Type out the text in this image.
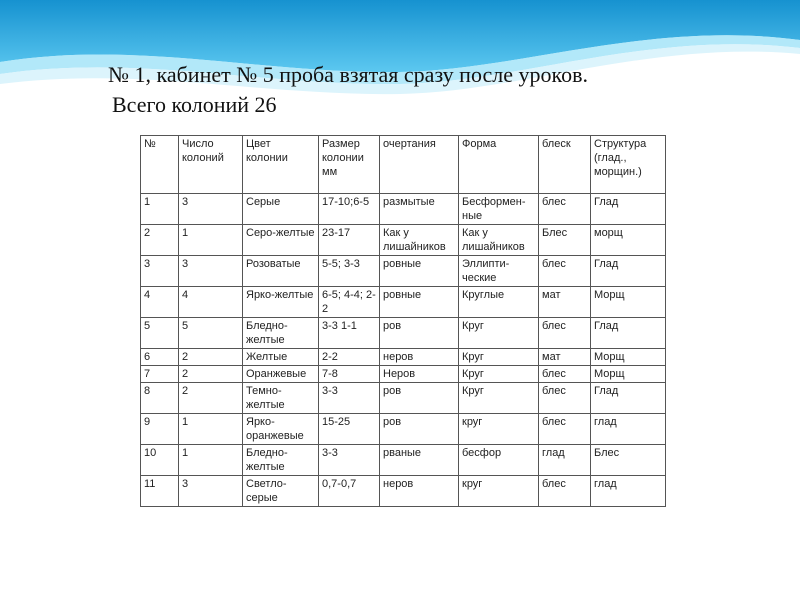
№ 1, кабинет № 5 проба взятая сразу после уроков.
Всего колоний 26
№	Число колоний	Цвет колонии	Размер колонии мм	очертания	Форма	блеск	Структура (глад., морщин.)
1	3	Серые	17-10;6-5	размытые	Бесформен-ные	блес	Глад
2	1	Серо-желтые	23-17	Как у лишайников	Как у лишайников	Блес	морщ
3	3	Розоватые	5-5; 3-3	ровные	Эллипти-ческие	блес	Глад
4	4	Ярко-желтые	6-5; 4-4; 2-2	ровные	Круглые	мат	Морщ
5	5	Бледно-желтые	3-3 1-1	ров	Круг	блес	Глад
6	2	Желтые	2-2	неров	Круг	мат	Морщ
7	2	Оранжевые	7-8	Неров	Круг	блес	Морщ
8	2	Темно-желтые	3-3	ров	Круг	блес	Глад
9	1	Ярко-оранжевые	15-25	ров	круг	блес	глад
10	1	Бледно-желтые	3-3	рваные	бесфор	глад	Блес
11	3	Светло-серые	0,7-0,7	неров	круг	блес	глад
